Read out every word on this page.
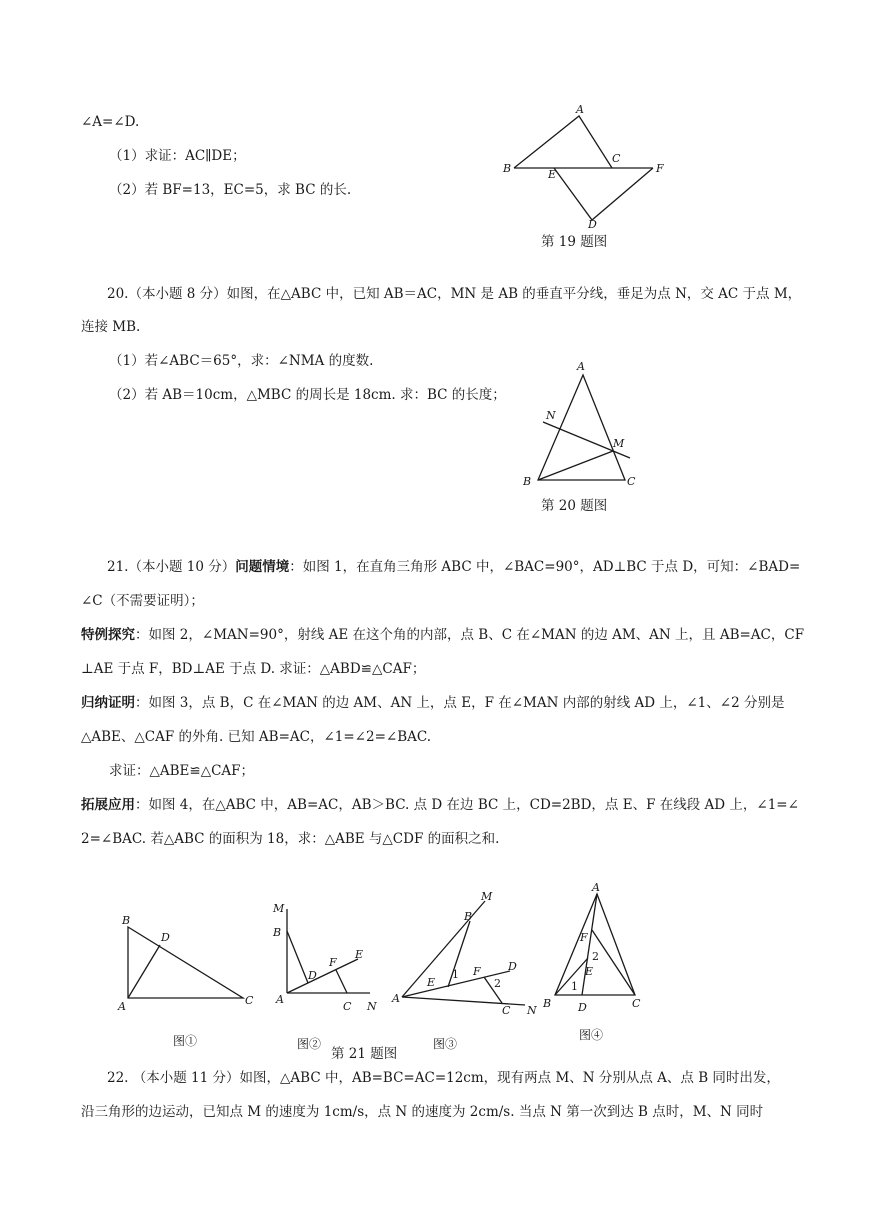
∠A=∠D.
（1）求证：AC∥DE；
（2）若 BF=13，EC=5，求 BC 的长.
A
B
C
E	F
D
第 19 题图
20.（本小题 8 分）如图，在△ABC 中，已知 AB＝AC，MN 是 AB 的垂直平分线，垂足为点 N，交 AC 于点 M，
连接 MB.
（1）若∠ABC＝65°，求：∠NMA 的度数.
（2）若 AB＝10cm，△MBC 的周长是 18cm. 求：BC 的长度；
A
N
M
B	C
第 20 题图
21.（本小题 10 分）问题情境：如图 1，在直角三角形 ABC 中，∠BAC=90°，AD⊥BC 于点 D，可知：∠BAD=
∠C（不需要证明）；
特例探究：如图 2，∠MAN=90°，射线 AE 在这个角的内部，点 B、C 在∠MAN 的边 AM、AN 上，且 AB=AC，CF
⊥AE 于点 F，BD⊥AE 于点 D. 求证：△ABD≌△CAF；
归纳证明：如图 3，点 B，C 在∠MAN 的边 AM、AN 上，点 E，F 在∠MAN 内部的射线 AD 上，∠1、∠2 分别是
△ABE、△CAF 的外角. 已知 AB=AC，∠1=∠2=∠BAC.
求证：△ABE≌△CAF；
拓展应用：如图 4，在△ABC 中，AB=AC，AB＞BC. 点 D 在边 BC 上，CD=2BD，点 E、F 在线段 AD 上，∠1=∠
2=∠BAC. 若△ABC 的面积为 18，求：△ABE 与△CDF 的面积之和.
B
D
A	C
图①
M
B
F
E
D
A
C N
图②
第 21 题图
M
B
F D
E
1
2
A
C N
图③
A
F
2
E
1
B D	C
图④
22. （本小题 11 分）如图，△ABC 中，AB=BC=AC=12cm，现有两点 M、N 分别从点 A、点 B 同时出发，
沿三角形的边运动，已知点 M 的速度为 1cm/s，点 N 的速度为 2cm/s. 当点 N 第一次到达 B 点时，M、N 同时
